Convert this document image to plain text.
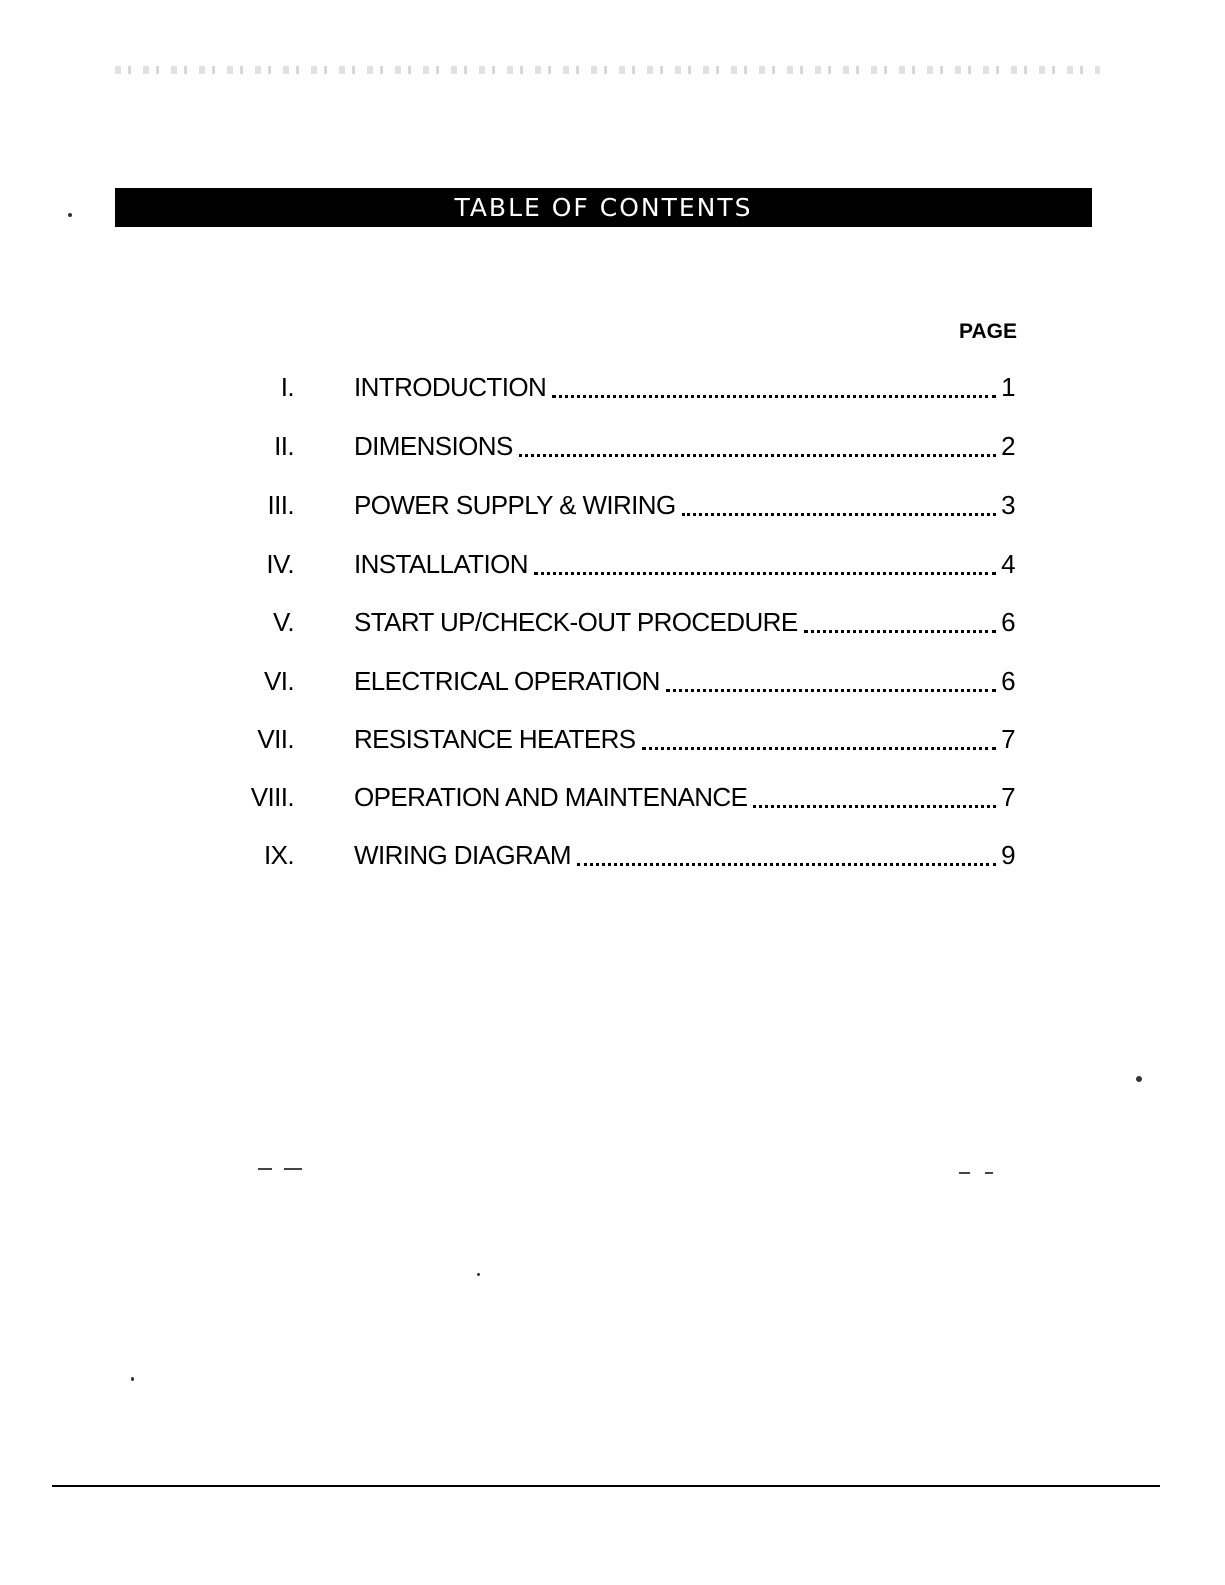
TABLE OF CONTENTS
PAGE
I. INTRODUCTION	1
II. DIMENSIONS	2
III. POWER SUPPLY & WIRING	3
IV. INSTALLATION	4
V. START UP/CHECK-OUT PROCEDURE	6
VI. ELECTRICAL OPERATION	6
VII. RESISTANCE HEATERS	7
VIII. OPERATION AND MAINTENANCE	7
IX. WIRING DIAGRAM	9
